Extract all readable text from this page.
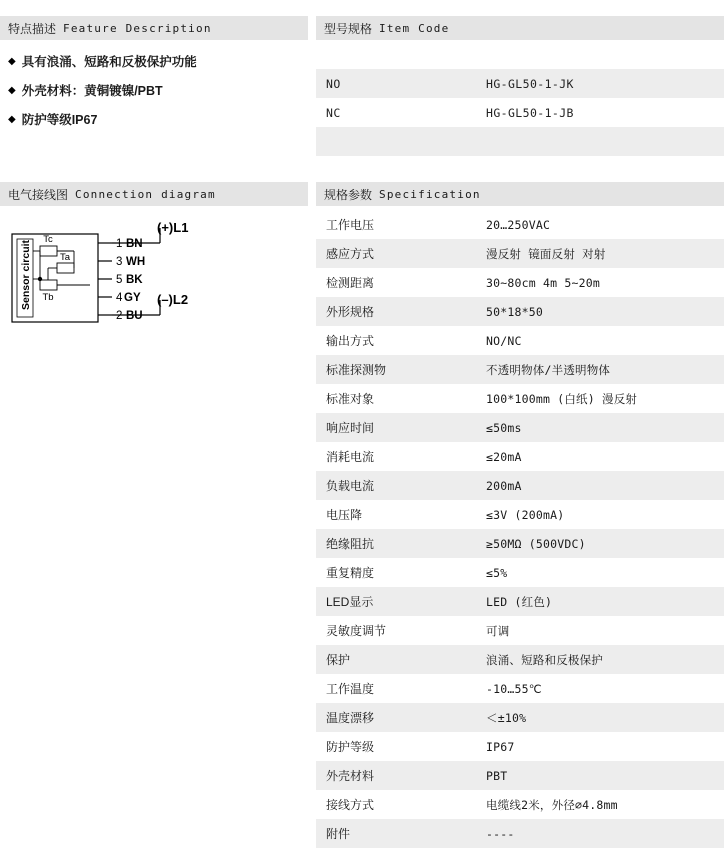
特点描述 Feature Description
◆ 具有浪涌、短路和反极保护功能
◆ 外壳材料：黄铜镀镍/PBT
◆ 防护等级IP67
电气接线图 Connection diagram
Sensor circuit
Tc
Ta
Tb
1 BN
3 WH
5 BK
4 GY
2 BU
(+)L1
(–)L2
型号规格 Item Code

NO	HG-GL50-1-JK
NC	HG-GL50-1-JB

规格参数 Specification
工作电压	20…250VAC
感应方式	漫反射 镜面反射 对射
检测距离	30~80cm 4m 5~20m
外形规格	50*18*50
输出方式	NO/NC
标准探测物	不透明物体/半透明物体
标准对象	100*100mm (白纸) 漫反射
响应时间	≤50ms
消耗电流	≤20mA
负载电流	200mA
电压降	≤3V (200mA)
绝缘阻抗	≥50MΩ (500VDC)
重复精度	≤5%
LED显示	LED (红色)
灵敏度调节	可调
保护	浪涌、短路和反极保护
工作温度	-10…55℃
温度漂移	＜±10%
防护等级	IP67
外壳材料	PBT
接线方式	电缆线2米，外径∅4.8mm
附件	----
